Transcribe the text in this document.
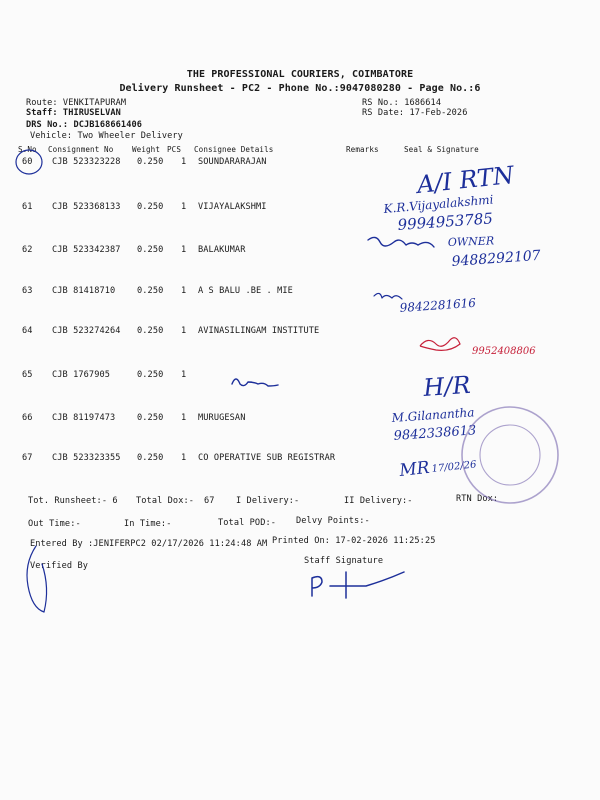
THE PROFESSIONAL COURIERS, COIMBATORE
Delivery Runsheet - PC2 - Phone No.:9047080280 - Page No.:6
Route: VENKITAPURAM
Staff: THIRUSELVAN
DRS No.: DCJB168661406
Vehicle: Two Wheeler Delivery
RS No.: 1686614
RS Date: 17-Feb-2026
S.No Consignment No Weight PCS Consignee Details	Remarks	Seal & Signature
60 CJB 523323228 0.250 1 SOUNDARARAJAN
61 CJB 523368133 0.250 1 VIJAYALAKSHMI
62 CJB 523342387 0.250 1 BALAKUMAR
63 CJB 81418710	0.250 1 A S BALU .BE . MIE
64 CJB 523274264 0.250 1 AVINASILINGAM INSTITUTE
65 CJB 1767905	0.250 1
66 CJB 81197473	0.250 1 MURUGESAN
67 CJB 523323355 0.250 1 CO OPERATIVE SUB REGISTRAR
Tot. Runsheet:- 6 Total Dox:- 67 I Delivery:-	II Delivery:-	RTN Dox:
Out Time:-	In Time:-	Total POD:- Delvy Points:-
Entered By :JENIFERPC2 02/17/2026 11:24:48 AM Printed On: 17-02-2026 11:25:25
Verified By	Staff Signature
A/I RTN
K.R.Vijayalakshmi
9994953785
OWNER
9488292107
9842281616
9952408806
H/R
M.Gilanantha
9842338613
MR 17/02/26
